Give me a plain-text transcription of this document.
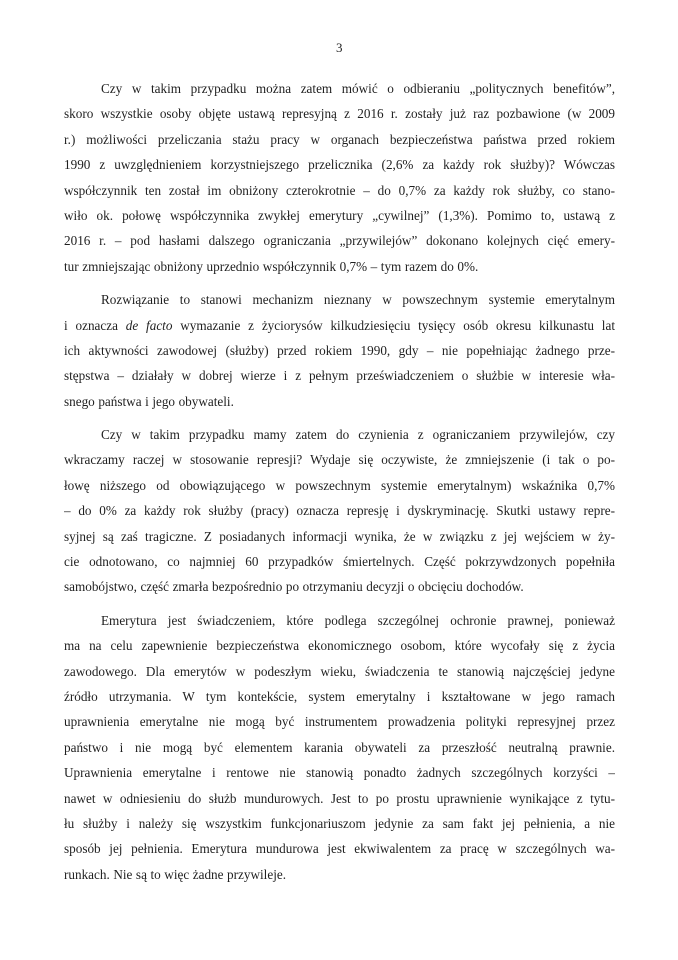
3
Czy w takim przypadku można zatem mówić o odbieraniu „politycznych benefitów”,
skoro wszystkie osoby objęte ustawą represyjną z 2016 r. zostały już raz pozbawione (w 2009
r.) możliwości przeliczania stażu pracy w organach bezpieczeństwa państwa przed rokiem
1990 z uwzględnieniem korzystniejszego przelicznika (2,6% za każdy rok służby)? Wówczas
współczynnik ten został im obniżony czterokrotnie – do 0,7% za każdy rok służby, co stano-
wiło ok. połowę współczynnika zwykłej emerytury „cywilnej” (1,3%). Pomimo to, ustawą z
2016 r. – pod hasłami dalszego ograniczania „przywilejów” dokonano kolejnych cięć emery-
tur zmniejszając obniżony uprzednio współczynnik 0,7% – tym razem do 0%.
Rozwiązanie to stanowi mechanizm nieznany w powszechnym systemie emerytalnym
i oznacza de facto wymazanie z życiorysów kilkudziesięciu tysięcy osób okresu kilkunastu lat
ich aktywności zawodowej (służby) przed rokiem 1990, gdy – nie popełniając żadnego prze-
stępstwa – działały w dobrej wierze i z pełnym przeświadczeniem o służbie w interesie wła-
snego państwa i jego obywateli.
Czy w takim przypadku mamy zatem do czynienia z ograniczaniem przywilejów, czy
wkraczamy raczej w stosowanie represji? Wydaje się oczywiste, że zmniejszenie (i tak o po-
łowę niższego od obowiązującego w powszechnym systemie emerytalnym) wskaźnika 0,7%
– do 0% za każdy rok służby (pracy) oznacza represję i dyskryminację. Skutki ustawy repre-
syjnej są zaś tragiczne. Z posiadanych informacji wynika, że w związku z jej wejściem w ży-
cie odnotowano, co najmniej 60 przypadków śmiertelnych. Część pokrzywdzonych popełniła
samobójstwo, część zmarła bezpośrednio po otrzymaniu decyzji o obcięciu dochodów.
Emerytura jest świadczeniem, które podlega szczególnej ochronie prawnej, ponieważ
ma na celu zapewnienie bezpieczeństwa ekonomicznego osobom, które wycofały się z życia
zawodowego. Dla emerytów w podeszłym wieku, świadczenia te stanowią najczęściej jedyne
źródło utrzymania. W tym kontekście, system emerytalny i kształtowane w jego ramach
uprawnienia emerytalne nie mogą być instrumentem prowadzenia polityki represyjnej przez
państwo i nie mogą być elementem karania obywateli za przeszłość neutralną prawnie.
Uprawnienia emerytalne i rentowe nie stanowią ponadto żadnych szczególnych korzyści –
nawet w odniesieniu do służb mundurowych. Jest to po prostu uprawnienie wynikające z tytu-
łu służby i należy się wszystkim funkcjonariuszom jedynie za sam fakt jej pełnienia, a nie
sposób jej pełnienia. Emerytura mundurowa jest ekwiwalentem za pracę w szczególnych wa-
runkach. Nie są to więc żadne przywileje.
